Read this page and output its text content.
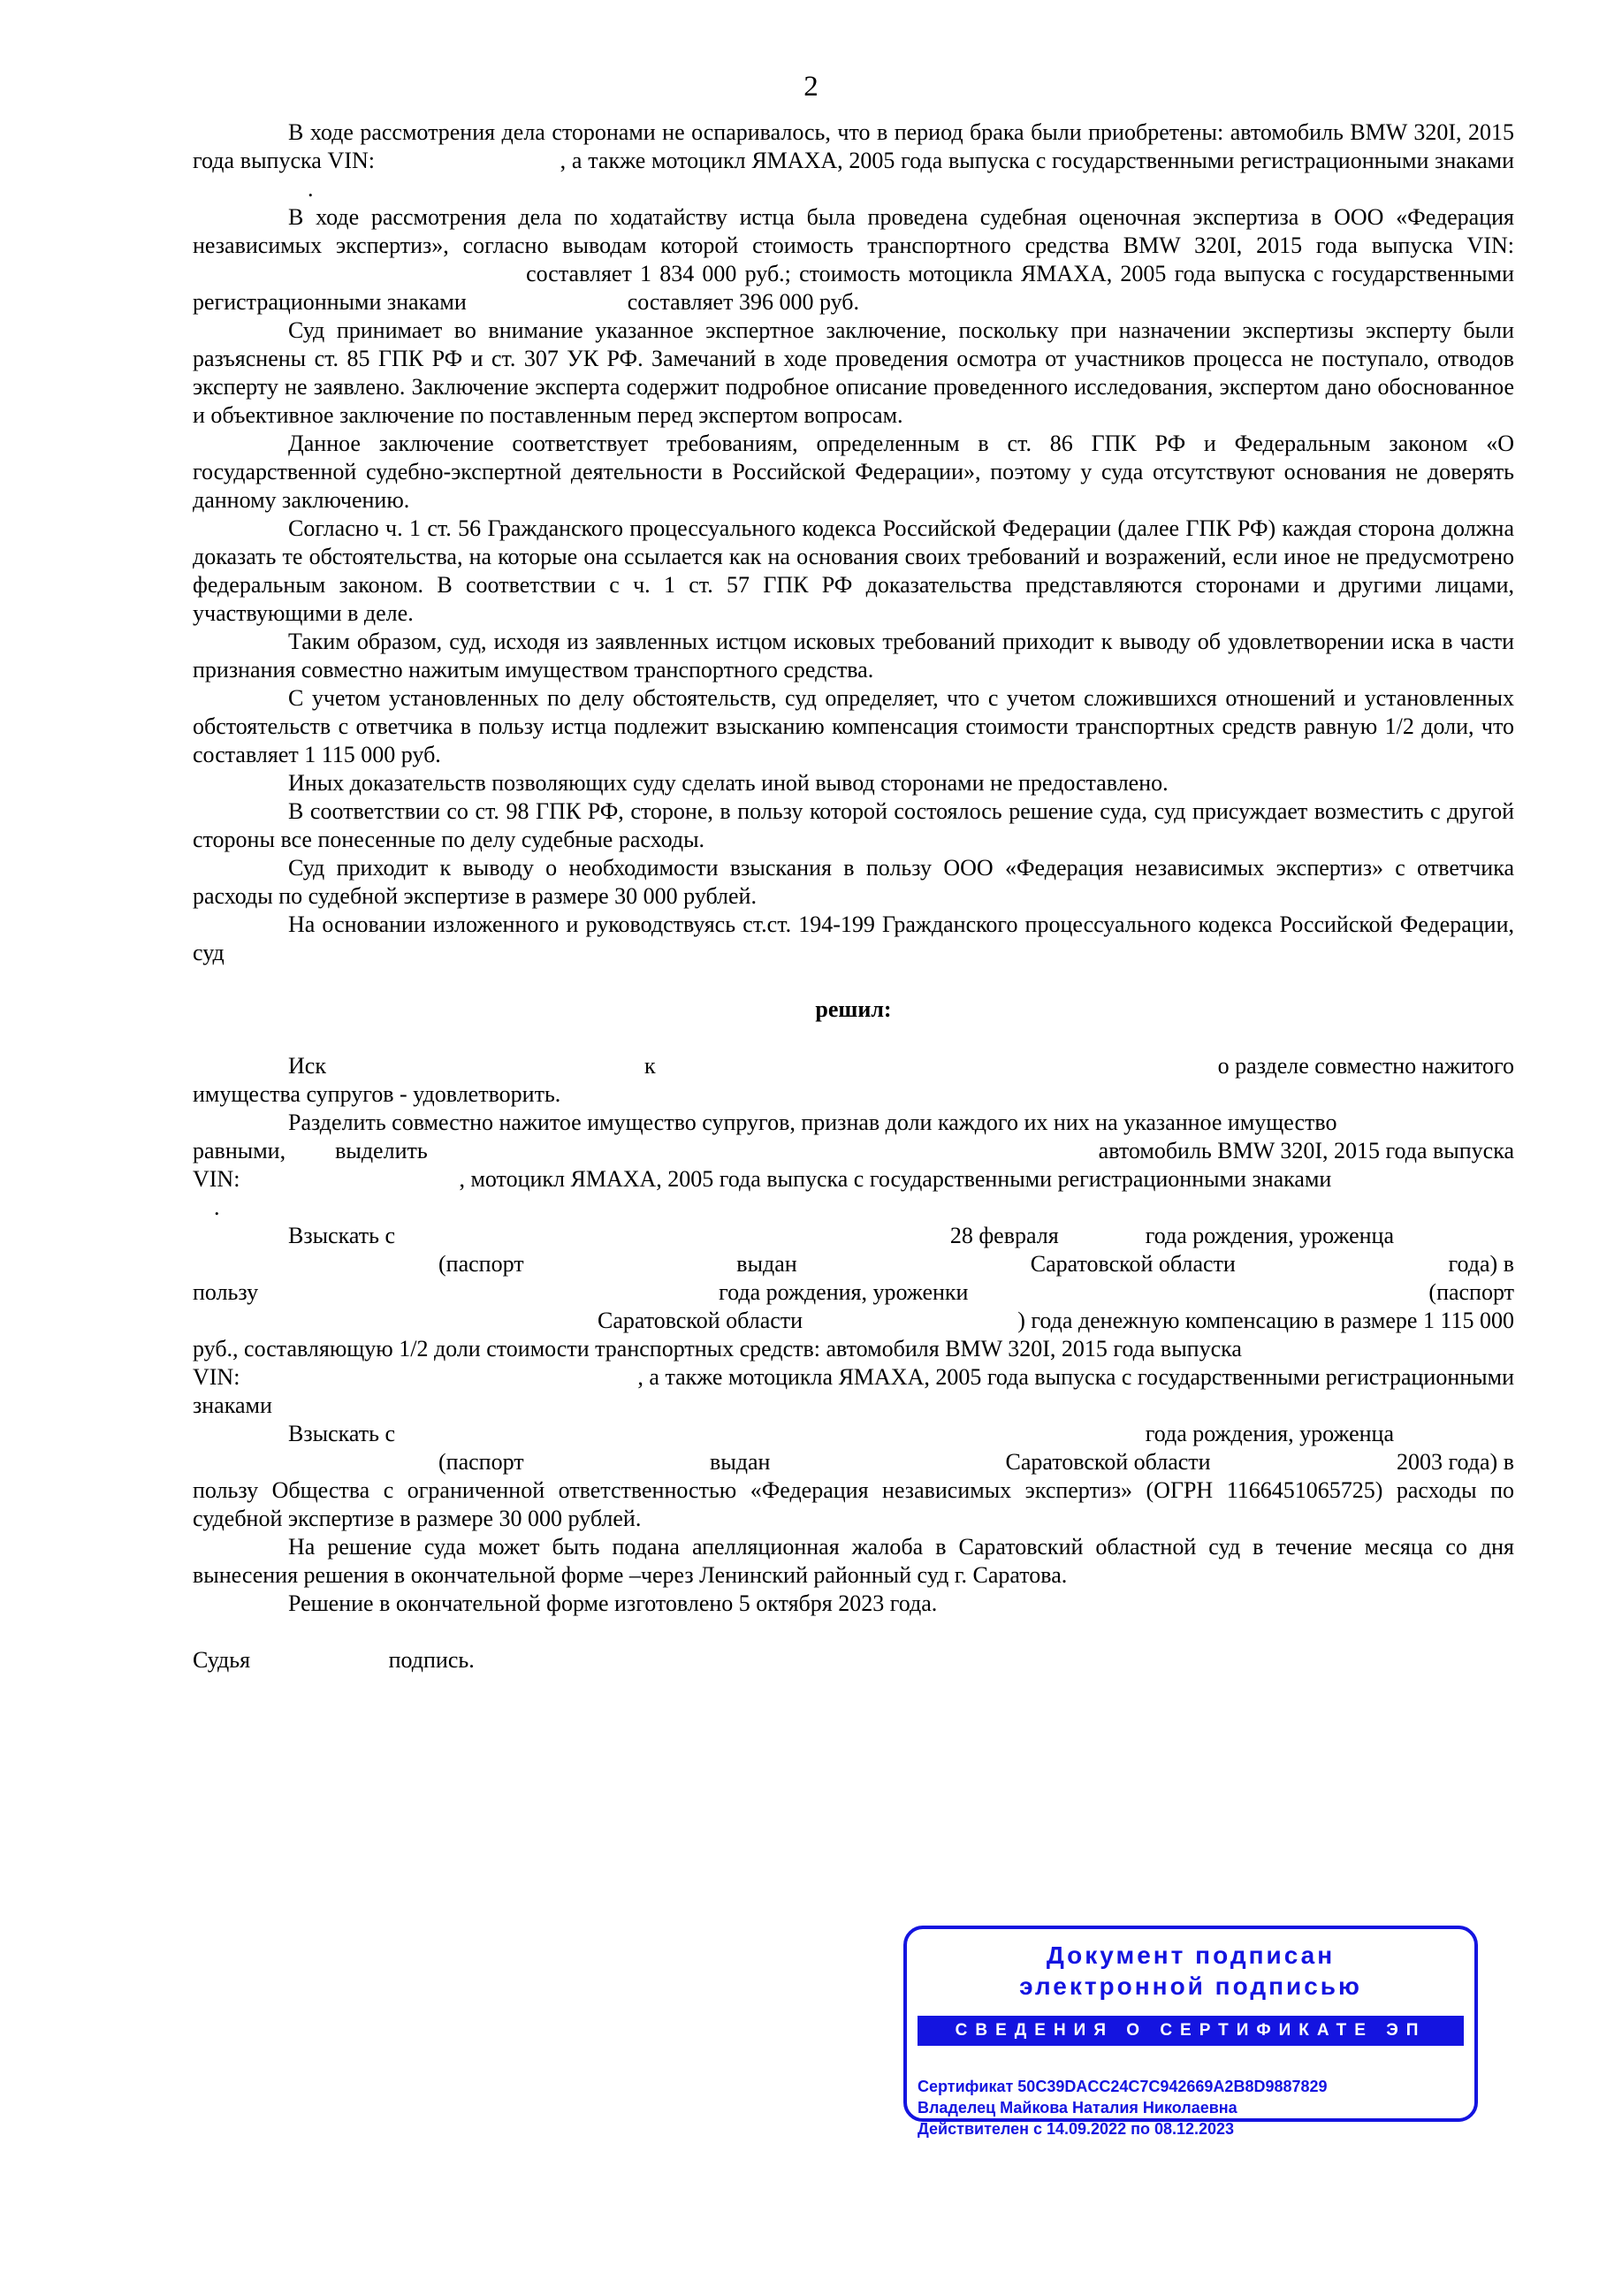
2

В ходе рассмотрения дела сторонами не оспаривалось, что в период брака были приобретены: автомобиль BMW 320I, 2015 года выпуска VIN:                               , а также мотоцикл ЯМАХА, 2005 года выпуска с государственными регистрационными знаками                     .

В ходе рассмотрения дела по ходатайству истца была проведена судебная оценочная экспертиза в ООО «Федерация независимых экспертиз», согласно выводам которой стоимость транспортного средства BMW 320I, 2015 года выпуска VIN:                                          составляет 1 834 000 руб.; стоимость мотоцикла ЯМАХА, 2005 года выпуска с государственными регистрационными знаками                            составляет 396 000 руб.

Суд принимает во внимание указанное экспертное заключение, поскольку при назначении экспертизы эксперту были разъяснены ст. 85 ГПК РФ и ст. 307 УК РФ. Замечаний в ходе проведения осмотра от участников процесса не поступало, отводов эксперту не заявлено. Заключение эксперта содержит подробное описание проведенного исследования, экспертом дано обоснованное и объективное заключение по поставленным перед экспертом вопросам.

Данное заключение соответствует требованиям, определенным в ст. 86 ГПК РФ и Федеральным законом «О государственной судебно-экспертной деятельности в Российской Федерации», поэтому у суда отсутствуют основания не доверять данному заключению.

Согласно ч. 1 ст. 56 Гражданского процессуального кодекса Российской Федерации (далее ГПК РФ) каждая сторона должна доказать те обстоятельства, на которые она ссылается как на основания своих требований и возражений, если иное не предусмотрено федеральным законом. В соответствии с ч. 1 ст. 57 ГПК РФ доказательства представляются сторонами и другими лицами, участвующими в деле.

Таким образом, суд, исходя из заявленных истцом исковых требований приходит к выводу об удовлетворении иска в части признания совместно нажитым имуществом транспортного средства.

С учетом установленных по делу обстоятельств, суд определяет, что с учетом сложившихся отношений и установленных обстоятельств с ответчика в пользу истца подлежит взысканию компенсация стоимости транспортных средств равную 1/2 доли, что составляет 1 115 000 руб.

Иных доказательств позволяющих суду сделать иной вывод сторонами не предоставлено.

В соответствии со ст. 98 ГПК РФ, стороне, в пользу которой состоялось решение суда, суд присуждает возместить с другой стороны все понесенные по делу судебные расходы.

Суд приходит к выводу о необходимости взыскания в пользу ООО «Федерация независимых экспертиз» с ответчика расходы по судебной экспертизе в размере 30 000 рублей.

На основании изложенного и руководствуясь ст.ст. 194-199 Гражданского процессуального кодекса Российской Федерации, суд

решил:
Иск	к	о разделе совместно нажитого

имущества супругов - удовлетворить.

Разделить совместно нажитое имущество супругов, признав доли каждого их них на указанное имущество

равными, выделить	автомобиль BMW 320I, 2015 года выпуска
VIN:	, мотоцикл ЯМАХА, 2005 года выпуска с государственными регистрационными знаками
.
Взыскать с	28 февраля	года рождения, уроженца
(паспорт	выдан	Саратовской области	года) в
пользу	года рождения, уроженки	(паспорт
Саратовской области	) года денежную компенсацию в размере 1 115 000

руб., составляющую 1/2 доли стоимости транспортных средств: автомобиля BMW 320I, 2015 года выпуска

VIN:	, а также мотоцикла ЯМАХА, 2005 года выпуска с государственными регистрационными

знаками

Взыскать с	года рождения, уроженца
(паспорт	выдан	Саратовской области	2003 года) в

пользу Общества с ограниченной ответственностью «Федерация независимых экспертиз» (ОГРН 1166451065725) расходы по судебной экспертизе в размере 30 000 рублей.

На решение суда может быть подана апелляционная жалоба в Саратовский областной суд в течение месяца со дня вынесения решения в окончательной форме –через Ленинский районный суд г. Саратова.

Решение в окончательной форме изготовлено 5 октября 2023 года.

Судья	подпись.
Документ подписан
электронной подписью
СВЕДЕНИЯ О СЕРТИФИКАТЕ ЭП
Сертификат 50C39DACC24C7C942669A2B8D9887829
Владелец Майкова Наталия Николаевна
Действителен с 14.09.2022 по 08.12.2023
